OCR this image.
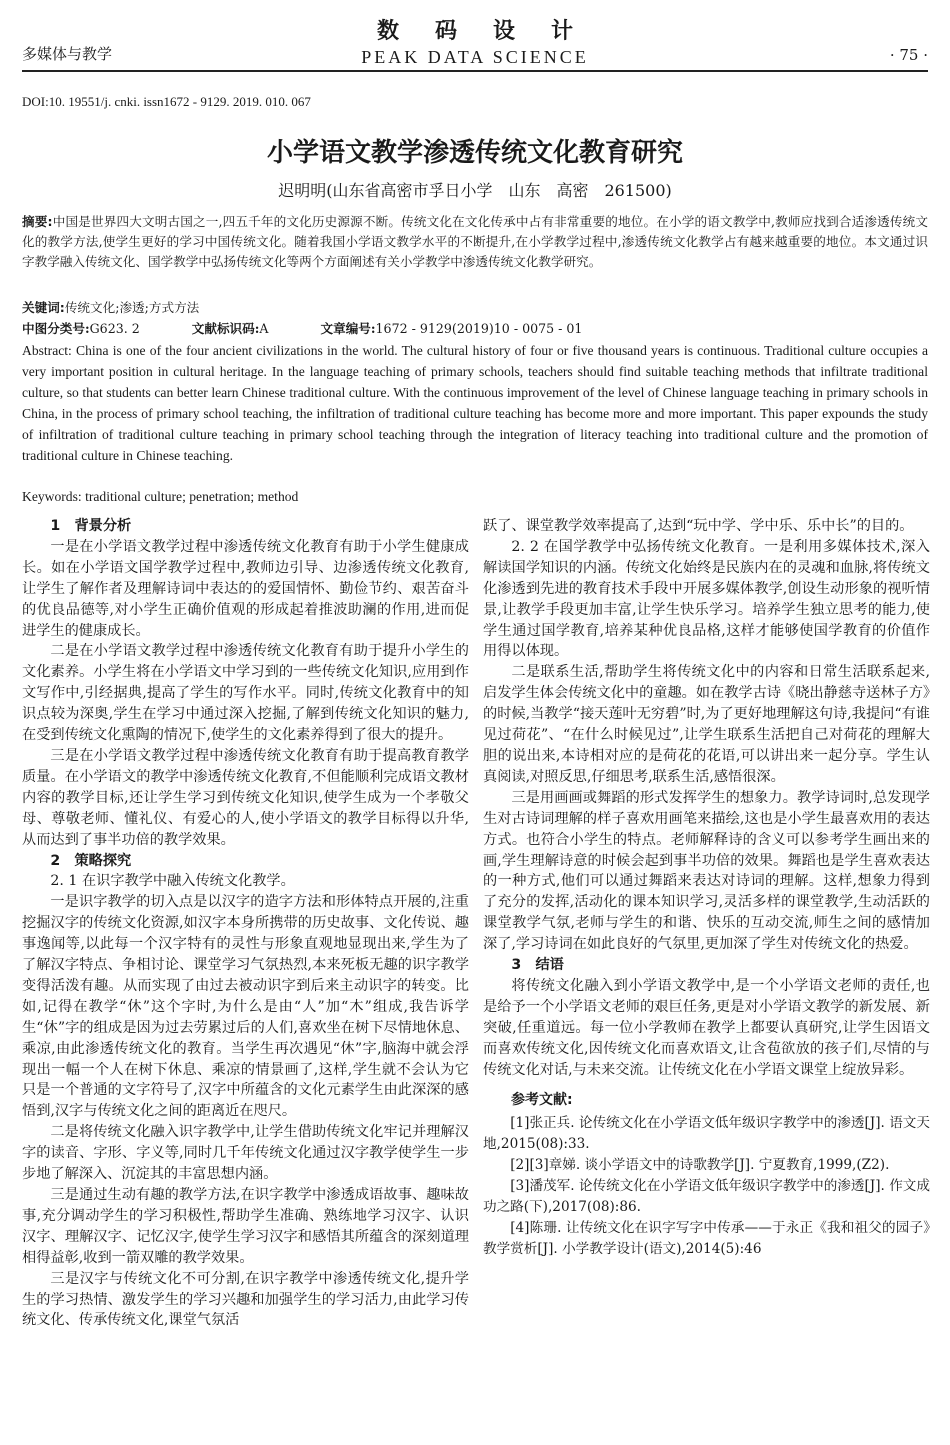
多媒体与教学
数码设计
PEAK DATA SCIENCE	· 75 ·
DOI:10. 19551/j. cnki. issn1672 - 9129. 2019. 010. 067
小学语文教学渗透传统文化教育研究
迟明明(山东省高密市孚日小学　山东　高密　261500)
摘要:中国是世界四大文明古国之一,四五千年的文化历史源源不断。传统文化在文化传承中占有非常重要的地位。在小学的语文教学中,教师应找到合适渗透传统文化的教学方法,使学生更好的学习中国传统文化。随着我国小学语文教学水平的不断提升,在小学教学过程中,渗透传统文化教学占有越来越重要的地位。本文通过识字教学融入传统文化、国学教学中弘扬传统文化等两个方面阐述有关小学教学中渗透传统文化教学研究。
关键词:传统文化;渗透;方式方法
中图分类号:G623. 2	文献标识码:A	文章编号:1672 - 9129(2019)10 - 0075 - 01
Abstract: China is one of the four ancient civilizations in the world. The cultural history of four or five thousand years is continuous. Traditional culture occupies a very important position in cultural heritage. In the language teaching of primary schools, teachers should find suitable teaching methods that infiltrate traditional culture, so that students can better learn Chinese traditional culture. With the continuous improvement of the level of Chinese language teaching in primary schools in China, in the process of primary school teaching, the infiltration of traditional culture teaching has become more and more important. This paper expounds the study of infiltration of traditional culture teaching in primary school teaching through the integration of literacy teaching into traditional culture and the promotion of traditional culture in Chinese teaching.
Keywords: traditional culture; penetration; method
1　背景分析

一是在小学语文教学过程中渗透传统文化教育有助于小学生健康成长。如在小学语文国学教学过程中,教师边引导、边渗透传统文化教育,让学生了解作者及理解诗词中表达的的爱国情怀、勤俭节约、艰苦奋斗的优良品德等,对小学生正确价值观的形成起着推波助澜的作用,进而促进学生的健康成长。

二是在小学语文教学过程中渗透传统文化教育有助于提升小学生的文化素养。小学生将在小学语文中学习到的一些传统文化知识,应用到作文写作中,引经据典,提高了学生的写作水平。同时,传统文化教育中的知识点较为深奥,学生在学习中通过深入挖掘,了解到传统文化知识的魅力,在受到传统文化熏陶的情况下,使学生的文化素养得到了很大的提升。

三是在小学语文教学过程中渗透传统文化教育有助于提高教育教学质量。在小学语文的教学中渗透传统文化教育,不但能顺利完成语文教材内容的教学目标,还让学生学习到传统文化知识,使学生成为一个孝敬父母、尊敬老师、懂礼仪、有爱心的人,使小学语文的教学目标得以升华,从而达到了事半功倍的教学效果。

2　策略探究
2. 1 在识字教学中融入传统文化教学。

一是识字教学的切入点是以汉字的造字方法和形体特点开展的,注重挖掘汉字的传统文化资源,如汉字本身所携带的历史故事、文化传说、趣事逸闻等,以此每一个汉字特有的灵性与形象直观地显现出来,学生为了了解汉字特点、争相讨论、课堂学习气氛热烈,本来死板无趣的识字教学变得活泼有趣。从而实现了由过去被动识字到后来主动识字的转变。比如,记得在教学“休”这个字时,为什么是由“人”加“木”组成,我告诉学生“休”字的组成是因为过去劳累过后的人们,喜欢坐在树下尽情地休息、乘凉,由此渗透传统文化的教育。当学生再次遇见“休”字,脑海中就会浮现出一幅一个人在树下休息、乘凉的情景画了,这样,学生就不会认为它只是一个普通的文字符号了,汉字中所蕴含的文化元素学生由此深深的感悟到,汉字与传统文化之间的距离近在咫尺。

二是将传统文化融入识字教学中,让学生借助传统文化牢记并理解汉字的读音、字形、字义等,同时几千年传统文化通过汉字教学使学生一步步地了解深入、沉淀其的丰富思想内涵。

三是通过生动有趣的教学方法,在识字教学中渗透成语故事、趣味故事,充分调动学生的学习积极性,帮助学生准确、熟练地学习汉字、认识汉字、理解汉字、记忆汉字,使学生学习汉字和感悟其所蕴含的深刻道理相得益彰,收到一箭双雕的教学效果。

三是汉字与传统文化不可分割,在识字教学中渗透传统文化,提升学生的学习热情、激发学生的学习兴趣和加强学生的学习活力,由此学习传统文化、传承传统文化,课堂气氛活

跃了、课堂教学效率提高了,达到“玩中学、学中乐、乐中长”的目的。

2. 2 在国学教学中弘扬传统文化教育。一是利用多媒体技术,深入解读国学知识的内涵。传统文化始终是民族内在的灵魂和血脉,将传统文化渗透到先进的教育技术手段中开展多媒体教学,创设生动形象的视听情景,让教学手段更加丰富,让学生快乐学习。培养学生独立思考的能力,使学生通过国学教育,培养某种优良品格,这样才能够使国学教育的价值作用得以体现。

二是联系生活,帮助学生将传统文化中的内容和日常生活联系起来,启发学生体会传统文化中的童趣。如在教学古诗《晓出静慈寺送林子方》的时候,当教学“接天莲叶无穷碧”时,为了更好地理解这句诗,我提问“有谁见过荷花”、“在什么时候见过”,让学生联系生活把自己对荷花的理解大胆的说出来,本诗相对应的是荷花的花语,可以讲出来一起分享。学生认真阅读,对照反思,仔细思考,联系生活,感悟很深。

三是用画画或舞蹈的形式发挥学生的想象力。教学诗词时,总发现学生对古诗词理解的样子喜欢用画笔来描绘,这也是小学生最喜欢用的表达方式。也符合小学生的特点。老师解释诗的含义可以参考学生画出来的画,学生理解诗意的时候会起到事半功倍的效果。舞蹈也是学生喜欢表达的一种方式,他们可以通过舞蹈来表达对诗词的理解。这样,想象力得到了充分的发挥,活动化的课本知识学习,灵活多样的课堂教学,生动活跃的课堂教学气氛,老师与学生的和谐、快乐的互动交流,师生之间的感情加深了,学习诗词在如此良好的气氛里,更加深了学生对传统文化的热爱。

3　结语

将传统文化融入到小学语文教学中,是一个小学语文老师的责任,也是给予一个小学语文老师的艰巨任务,更是对小学语文教学的新发展、新突破,任重道远。每一位小学教师在教学上都要认真研究,让学生因语文而喜欢传统文化,因传统文化而喜欢语文,让含苞欲放的孩子们,尽情的与传统文化对话,与未来交流。让传统文化在小学语文课堂上绽放异彩。

参考文献:

[1]张正兵. 论传统文化在小学语文低年级识字教学中的渗透[J]. 语文天地,2015(08):33.

[2][3]章娣. 谈小学语文中的诗歌教学[J]. 宁夏教育,1999,(Z2).

[3]潘茂军. 论传统文化在小学语文低年级识字教学中的渗透[J]. 作文成功之路(下),2017(08):86.

[4]陈珊. 让传统文化在识字写字中传承——于永正《我和祖父的园子》教学赏析[J]. 小学教学设计(语文),2014(5):46
